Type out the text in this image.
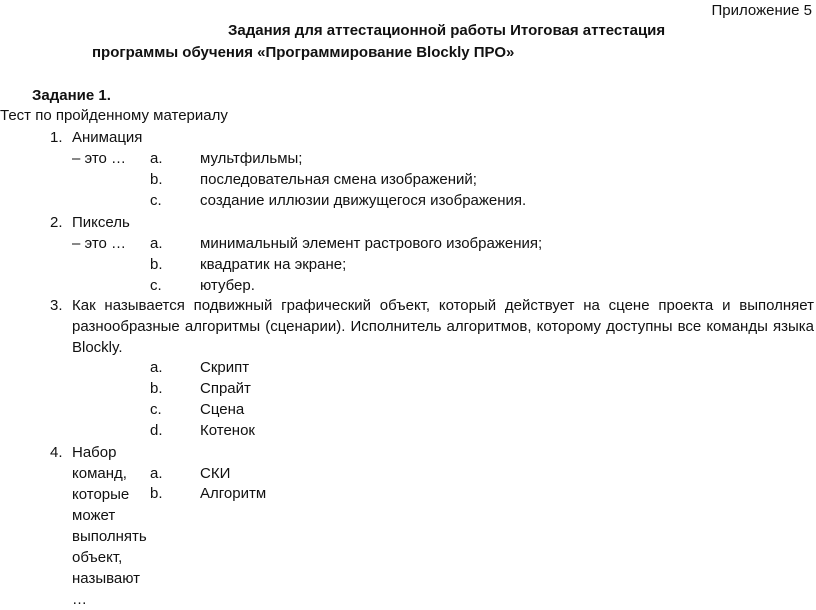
Приложение 5
Задания для аттестационной работы Итоговая аттестация
программы обучения «Программирование Blockly ПРО»
Задание 1.
Тест по пройденному материалу
1. Анимация – это …	a. мультфильмы;
b. последовательная смена изображений;
c.	создание иллюзии движущегося изображения.
2. Пиксель – это … a. минимальный элемент растрового изображения;
b. квадратик на экране;
c.	ютубер.
3. Как называется подвижный графический объект, который действует на сцене проекта и выполняет разнообразные алгоритмы (сценарии). Исполнитель алгоритмов, которому доступны все команды языка Blockly.
a. Скрипт
b. Спрайт
c.	Сцена
d. Котенок
4. Набор команд, которые может выполнять объект, называют …
a. СКИ
b. Алгоритм
